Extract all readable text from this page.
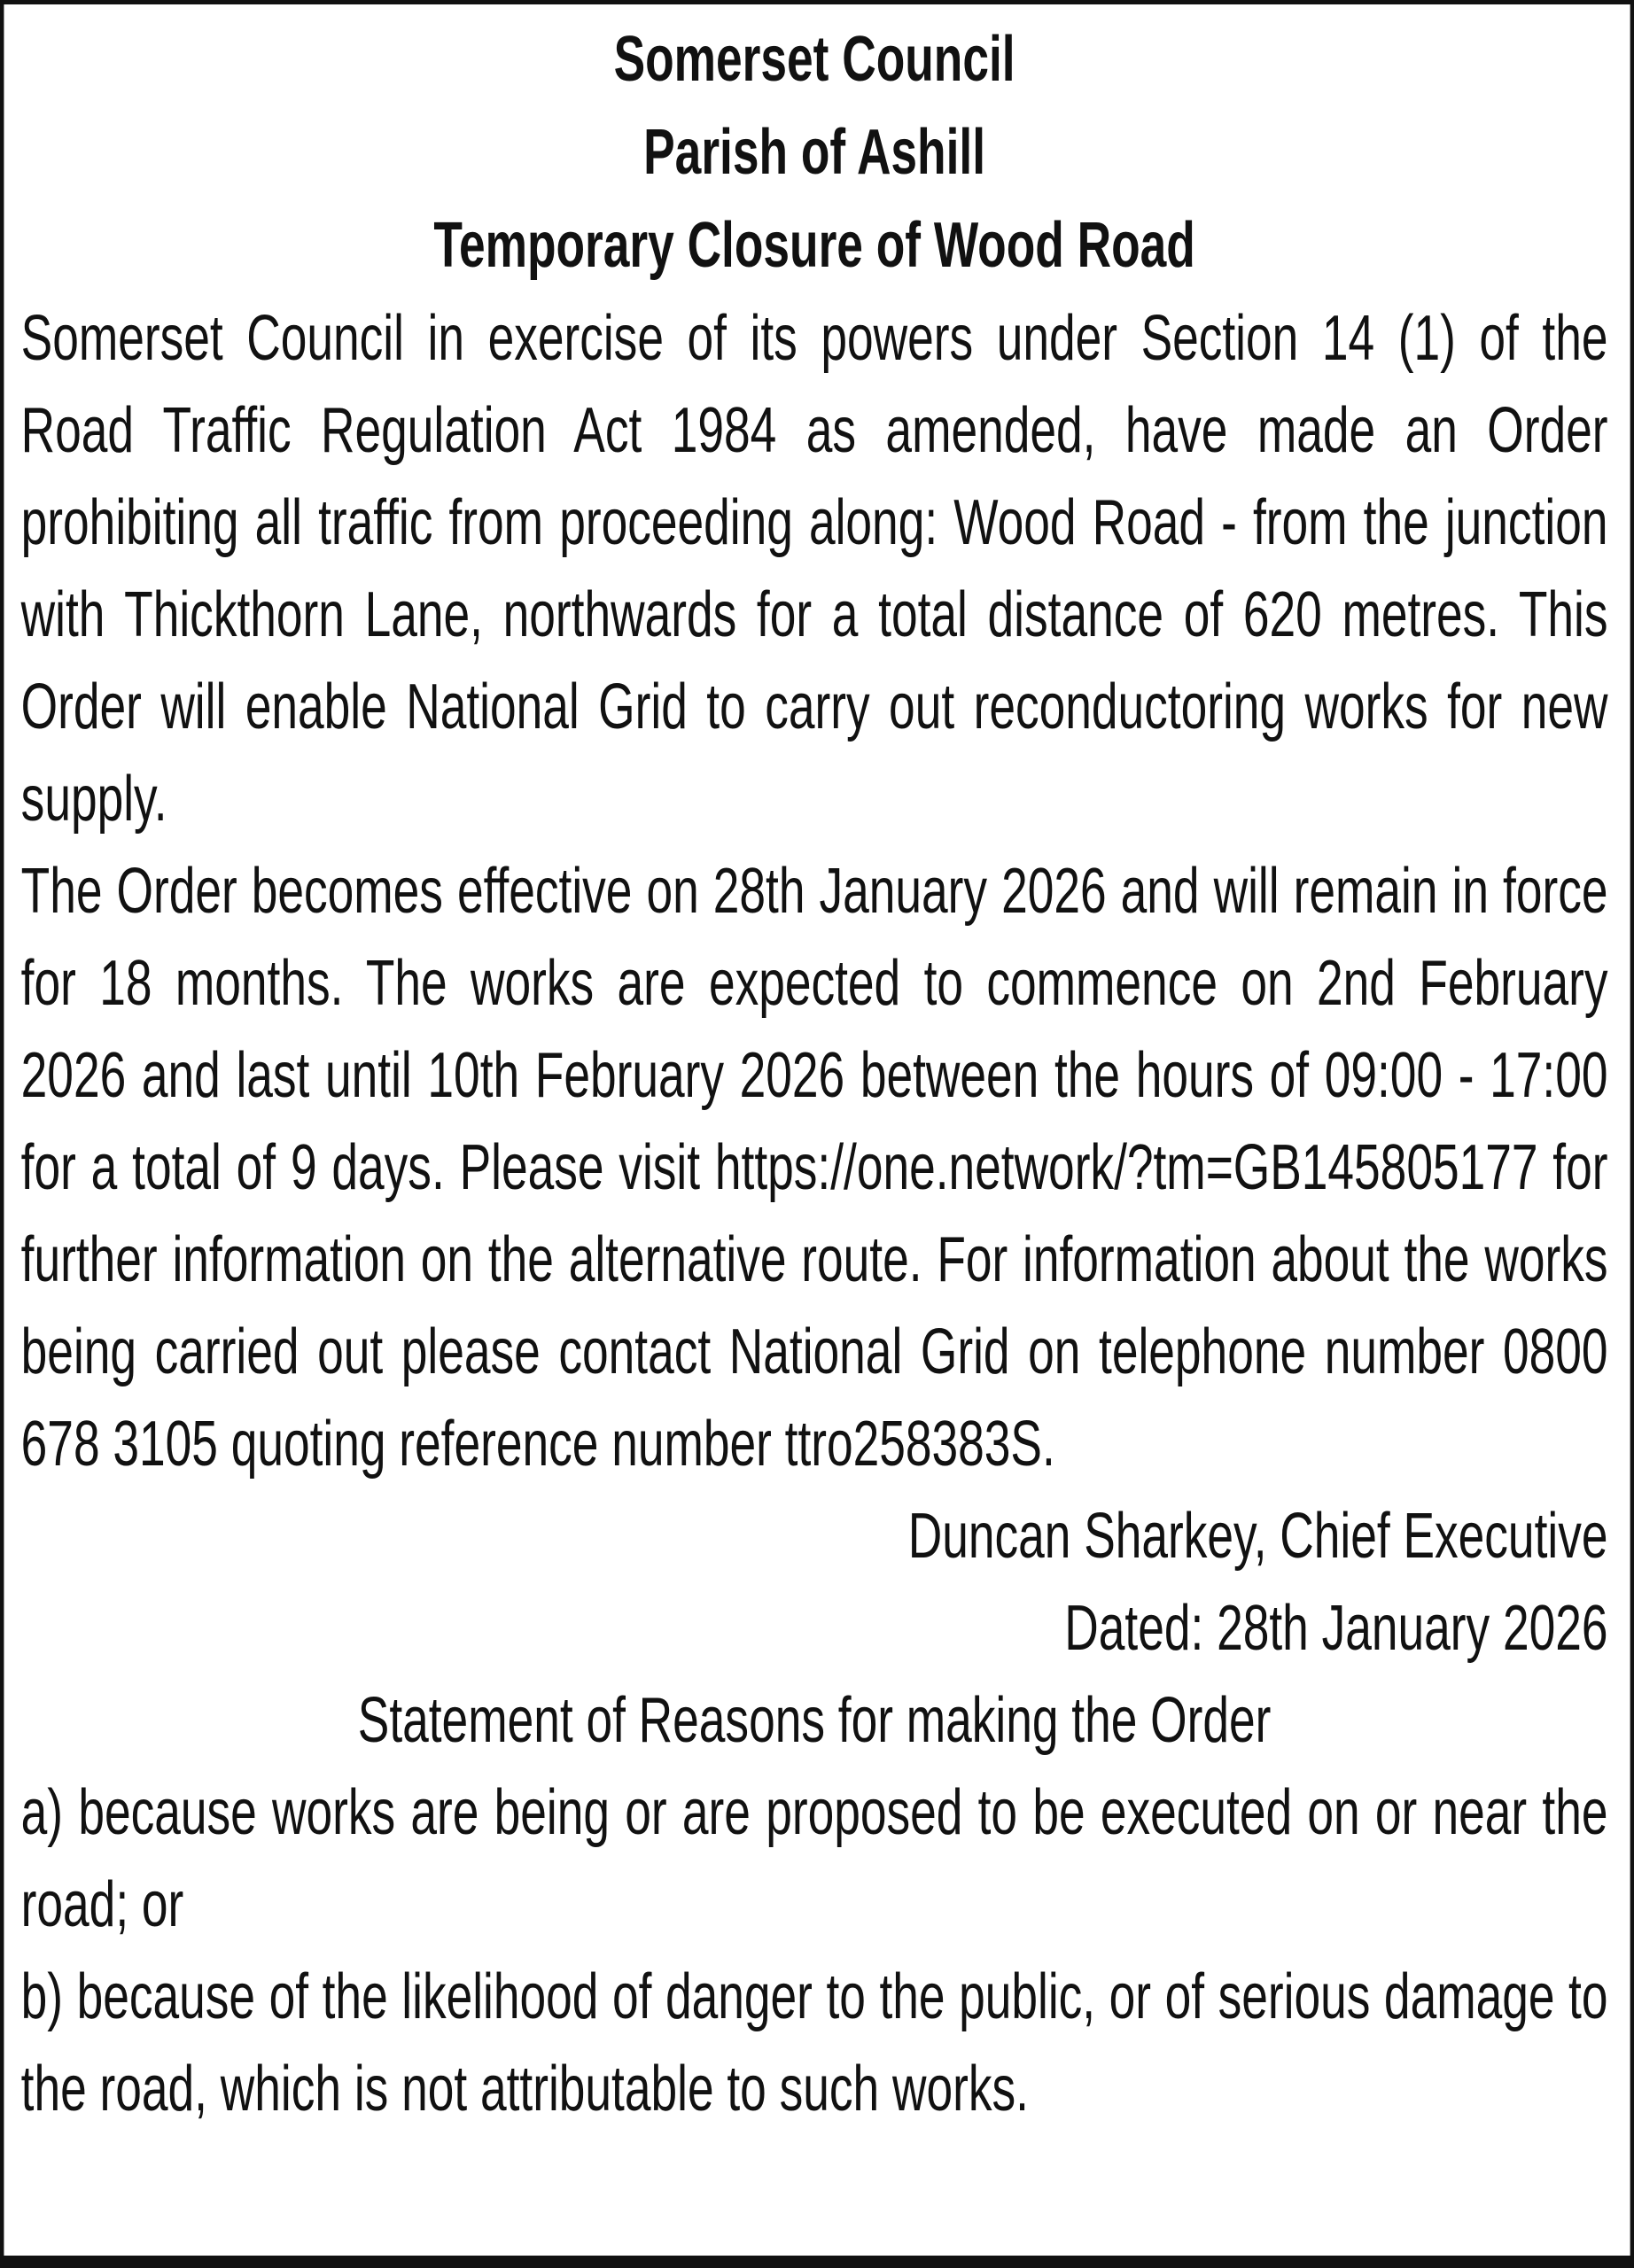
Somerset Council

Parish of Ashill

Temporary Closure of Wood Road

Somerset Council in exercise of its powers under Section 14 (1) of the Road Traffic Regulation Act 1984 as amended, have made an Order prohibiting all traffic from proceeding along: Wood Road - from the junction with Thickthorn Lane, northwards for a total distance of 620 metres. This Order will enable National Grid to carry out reconductoring works for new supply.

The Order becomes effective on 28th January 2026 and will remain in force for 18 months. The works are expected to commence on 2nd February 2026 and last until 10th February 2026 between the hours of 09:00 - 17:00 for a total of 9 days. Please visit https://one.network/?tm=GB145805177 for further information on the alternative route. For information about the works being carried out please contact National Grid on telephone number 0800 678 3105 quoting reference number ttro258383S.

Duncan Sharkey, Chief Executive

Dated: 28th January 2026

Statement of Reasons for making the Order

a) because works are being or are proposed to be executed on or near the road; or

b) because of the likelihood of danger to the public, or of serious damage to the road, which is not attributable to such works.
